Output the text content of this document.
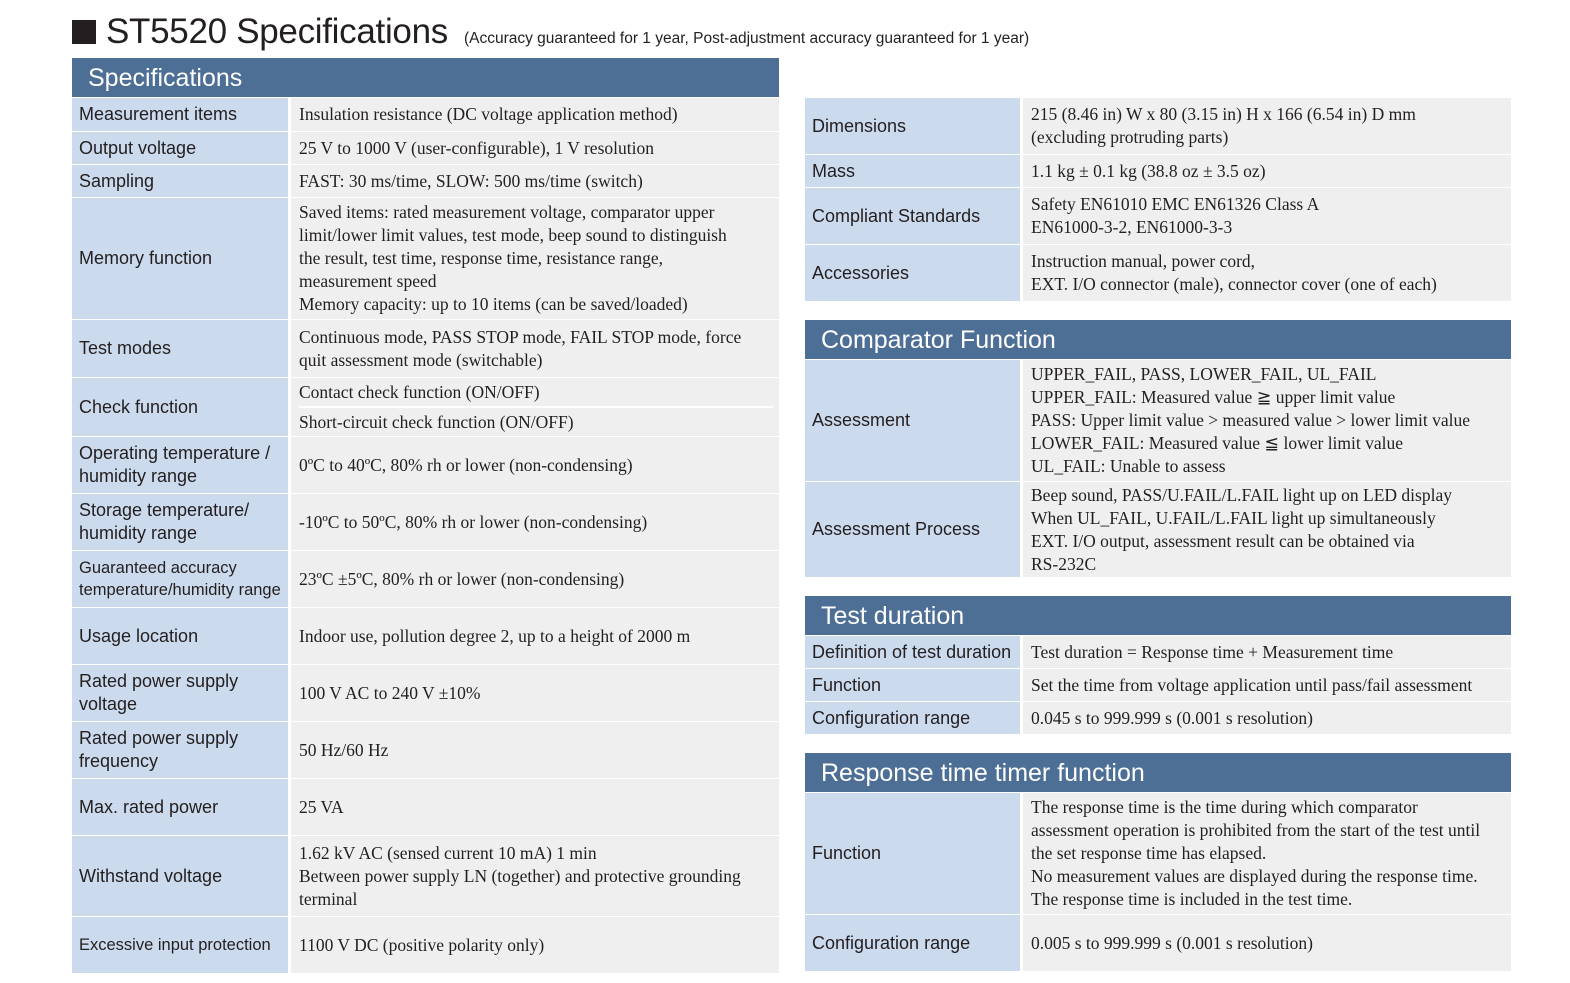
ST5520 Specifications (Accuracy guaranteed for 1 year, Post-adjustment accuracy guaranteed for 1 year)
Specifications
Measurement items	Insulation resistance (DC voltage application method)

Output voltage	25 V to 1000 V (user-configurable), 1 V resolution

Sampling	FAST: 30 ms/time, SLOW: 500 ms/time (switch)

Memory function	Saved items: rated measurement voltage, comparator upper
limit/lower limit values, test mode, beep sound to distinguish
the result, test time, response time, resistance range,
measurement speed
Memory capacity: up to 10 items (can be saved/loaded)

Test modes	Continuous mode, PASS STOP mode, FAIL STOP mode, force
quit assessment mode (switchable)

Check function	Contact check function (ON/OFF)
Short-circuit check function (ON/OFF)

Operating temperature / humidity range	0ºC to 40ºC, 80% rh or lower (non-condensing)

Storage temperature/ humidity range	-10ºC to 50ºC, 80% rh or lower (non-condensing)

Guaranteed accuracy temperature/humidity range	23ºC ±5ºC, 80% rh or lower (non-condensing)

Usage location	Indoor use, pollution degree 2, up to a height of 2000 m

Rated power supply voltage	100 V AC to 240 V ±10%

Rated power supply frequency	50 Hz/60 Hz

Max. rated power	25 VA

Withstand voltage	1.62 kV AC (sensed current 10 mA) 1 min
Between power supply LN (together) and protective grounding
terminal

Excessive input protection	1100 V DC (positive polarity only)
Dimensions	215 (8.46 in) W x 80 (3.15 in) H x 166 (6.54 in) D mm
(excluding protruding parts)

Mass	1.1 kg ± 0.1 kg (38.8 oz ± 3.5 oz)

Compliant Standards	Safety EN61010 EMC EN61326 Class A
EN61000-3-2, EN61000-3-3

Accessories	Instruction manual, power cord,
EXT. I/O connector (male), connector cover (one of each)
Comparator Function
Assessment	UPPER_FAIL, PASS, LOWER_FAIL, UL_FAIL
UPPER_FAIL: Measured value ≧ upper limit value
PASS: Upper limit value > measured value > lower limit value
LOWER_FAIL: Measured value ≦ lower limit value
UL_FAIL: Unable to assess

Assessment Process	Beep sound, PASS/U.FAIL/L.FAIL light up on LED display
When UL_FAIL, U.FAIL/L.FAIL light up simultaneously
EXT. I/O output, assessment result can be obtained via
RS-232C
Test duration
Definition of test duration	Test duration = Response time + Measurement time

Function	Set the time from voltage application until pass/fail assessment

Configuration range	0.045 s to 999.999 s (0.001 s resolution)
Response time timer function
Function	The response time is the time during which comparator
assessment operation is prohibited from the start of the test until
the set response time has elapsed.
No measurement values are displayed during the response time.
The response time is included in the test time.

Configuration range	0.005 s to 999.999 s (0.001 s resolution)
